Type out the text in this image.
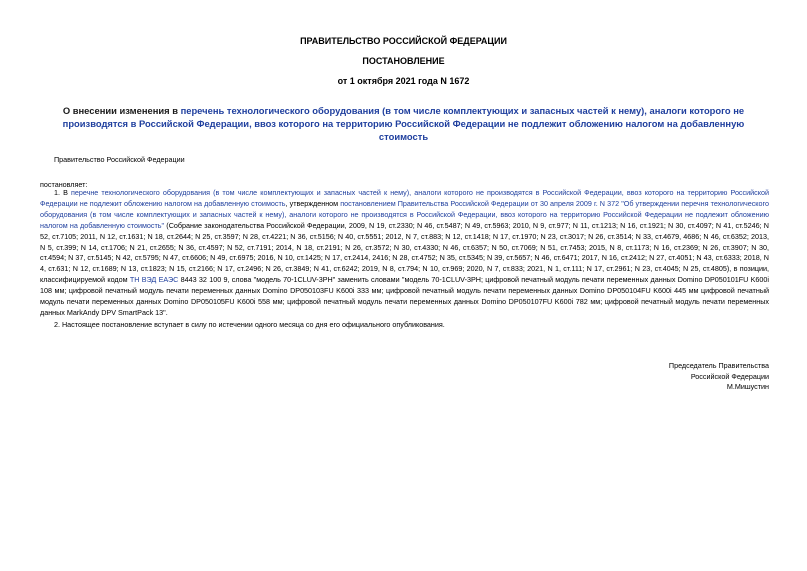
ПРАВИТЕЛЬСТВО РОССИЙСКОЙ ФЕДЕРАЦИИ
ПОСТАНОВЛЕНИЕ
от 1 октября 2021 года N 1672
О внесении изменения в перечень технологического оборудования (в том числе комплектующих и запасных частей к нему), аналоги которого не производятся в Российской Федерации, ввоз которого на территорию Российской Федерации не подлежит обложению налогом на добавленную стоимость
Правительство Российской Федерации
постановляет:
1. В перечне технологического оборудования (в том числе комплектующих и запасных частей к нему), аналоги которого не производятся в Российской Федерации, ввоз которого на территорию Российской Федерации не подлежит обложению налогом на добавленную стоимость, утвержденном постановлением Правительства Российской Федерации от 30 апреля 2009 г. N 372 "Об утверждении перечня технологического оборудования (в том числе комплектующих и запасных частей к нему), аналоги которого не производятся в Российской Федерации, ввоз которого на территорию Российской Федерации не подлежит обложению налогом на добавленную стоимость" (Собрание законодательства Российской Федерации, 2009, N 19, ст.2330; N 46, ст.5487; N 49, ст.5963; 2010, N 9, ст.977; N 11, ст.1213; N 16, ст.1921; N 30, ст.4097; N 41, ст.5246; N 52, ст.7105; 2011, N 12, ст.1631; N 18, ст.2644; N 25, ст.3597; N 28, ст.4221; N 36, ст.5156; N 40, ст.5551; 2012, N 7, ст.883; N 12, ст.1418; N 17, ст.1970; N 23, ст.3017; N 26, ст.3514; N 33, ст.4679, 4686; N 46, ст.6352; 2013, N 5, ст.399; N 14, ст.1706; N 21, ст.2655; N 36, ст.4597; N 52, ст.7191; 2014, N 18, ст.2191; N 26, ст.3572; N 30, ст.4330; N 46, ст.6357; N 50, ст.7069; N 51, ст.7453; 2015, N 8, ст.1173; N 16, ст.2369; N 26, ст.3907; N 30, ст.4594; N 37, ст.5145; N 42, ст.5795; N 47, ст.6606; N 49, ст.6975; 2016, N 10, ст.1425; N 17, ст.2414, 2416; N 28, ст.4752; N 35, ст.5345; N 39, ст.5657; N 46, ст.6471; 2017, N 16, ст.2412; N 27, ст.4051; N 43, ст.6333; 2018, N 4, ст.631; N 12, ст.1689; N 13, ст.1823; N 15, ст.2166; N 17, ст.2496; N 26, ст.3849; N 41, ст.6242; 2019, N 8, ст.794; N 10, ст.969; 2020, N 7, ст.833; 2021, N 1, ст.111; N 17, ст.2961; N 23, ст.4045; N 25, ст.4805), в позиции, классифицируемой кодом ТН ВЭД ЕАЭС 8443 32 100 9, слова "модель 70-1CLUV-3PH" заменить словами "модель 70-1CLUV-3PH; цифровой печатный модуль печати переменных данных Domino DP050101FU K600i 108 мм; цифровой печатный модуль печати переменных данных Domino DP050103FU K600i 333 мм; цифровой печатный модуль печати переменных данных Domino DP050104FU K600i 445 мм цифровой печатный модуль печати переменных данных Domino DP050105FU K600i 558 мм; цифровой печатный модуль печати переменных данных Domino DP050107FU K600i 782 мм; цифровой печатный модуль печати переменных данных MarkAndy DPV SmartPack 13".
2. Настоящее постановление вступает в силу по истечении одного месяца со дня его официального опубликования.
Председатель Правительства
Российской Федерации
М.Мишустин
